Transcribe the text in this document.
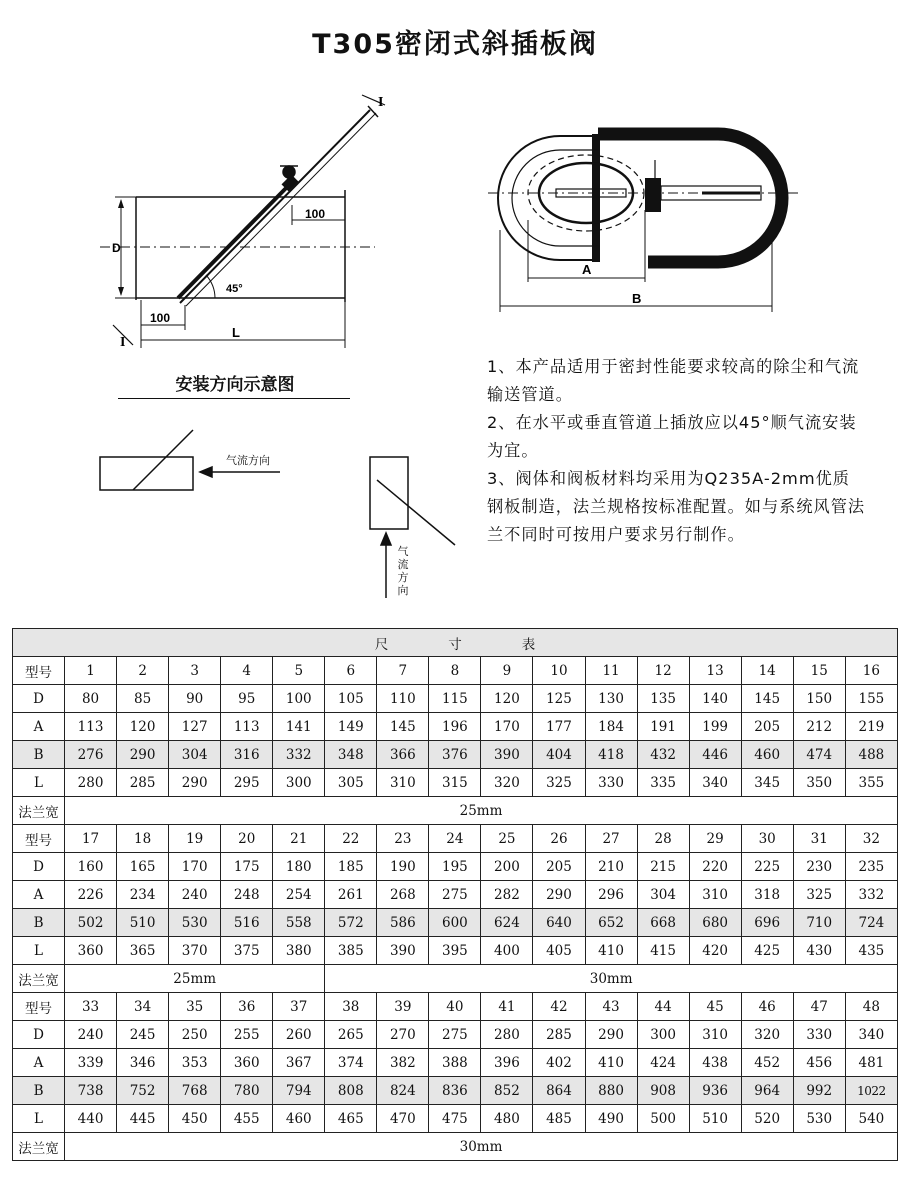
T305密闭式斜插板阀
100
D
45°
100
L
I
I
A
B
气流方向
气流方向
安装方向示意图

1、本产品适用于密封性能要求较高的除尘和气流输送管道。

2、在水平或垂直管道上插放应以45°顺气流安装为宜。

3、阀体和阀板材料均采用为Q235A-2mm优质钢板制造，法兰规格按标准配置。如与系统风管法兰不同时可按用户要求另行制作。

尺寸表																
型号	1	2	3	4	5	6	7	8	9	10	11	12	13	14	15	16
D	80	85	90	95	100	105	110	115	120	125	130	135	140	145	150	155
A	113	120	127	113	141	149	145	196	170	177	184	191	199	205	212	219
B	276	290	304	316	332	348	366	376	390	404	418	432	446	460	474	488
L	280	285	290	295	300	305	310	315	320	325	330	335	340	345	350	355
法兰宽	25mm															
型号	17	18	19	20	21	22	23	24	25	26	27	28	29	30	31	32
D	160	165	170	175	180	185	190	195	200	205	210	215	220	225	230	235
A	226	234	240	248	254	261	268	275	282	290	296	304	310	318	325	332
B	502	510	530	516	558	572	586	600	624	640	652	668	680	696	710	724
L	360	365	370	375	380	385	390	395	400	405	410	415	420	425	430	435
法兰宽	25mm					30mm										
型号	33	34	35	36	37	38	39	40	41	42	43	44	45	46	47	48
D	240	245	250	255	260	265	270	275	280	285	290	300	310	320	330	340
A	339	346	353	360	367	374	382	388	396	402	410	424	438	452	456	481
B	738	752	768	780	794	808	824	836	852	864	880	908	936	964	992	1022
L	440	445	450	455	460	465	470	475	480	485	490	500	510	520	530	540
法兰宽	30mm															
